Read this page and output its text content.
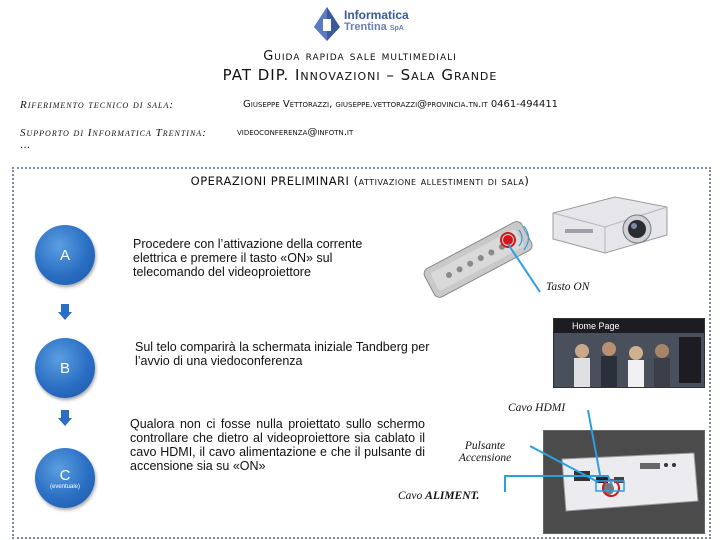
Informatica
Trentina SpA
Guida rapida sale multimediali
PAT DIP. Innovazioni – Sala Grande
Riferimento tecnico di sala:	Giuseppe Vettorazzi, giuseppe.vettorazzi@provincia.tn.it 0461-494411
Supporto di Informatica Trentina:	videoconferenza@infotn.it
…
OPERAZIONI PRELIMINARI (attivazione allestimenti di sala)
A
B
C
(eventuale)
Procedere con l’attivazione della corrente elettrica e premere il tasto «ON» sul telecomando del videoproiettore
Sul telo comparirà la schermata iniziale Tandberg per l’avvio di una viedoconferenza
Qualora non ci fosse nulla proiettato sullo schermo controllare che dietro al videoproiettore sia cablato il cavo HDMI, il cavo alimentazione e che il pulsante di accensione sia su «ON»
Tasto ON
Home Page
Cavo HDMI
Pulsante Accensione
Cavo ALIMENT.
